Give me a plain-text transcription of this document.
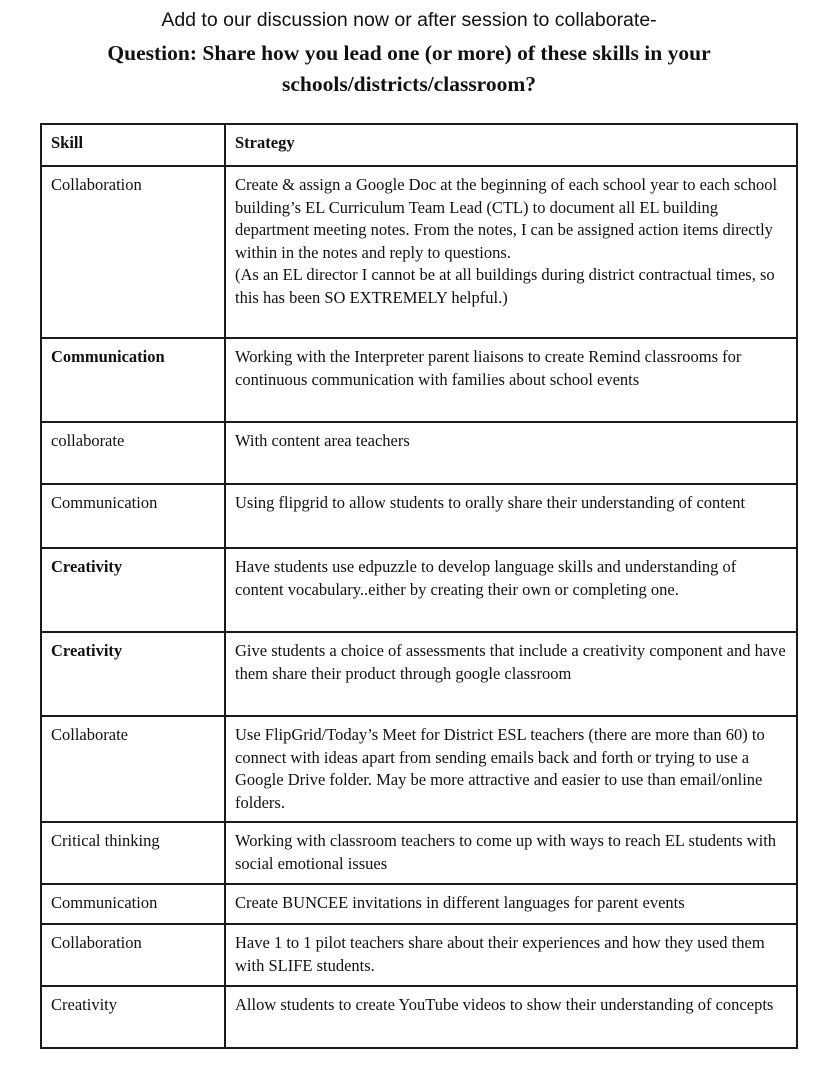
Add to our discussion now or after session to collaborate-
Question: Share how you lead one (or more) of these skills in your schools/districts/classroom?
Skill	Strategy
Collaboration	Create & assign a Google Doc at the beginning of each school year to each school building’s EL Curriculum Team Lead (CTL) to document all EL building department meeting notes. From the notes, I can be assigned action items directly within in the notes and reply to questions.
(As an EL director I cannot be at all buildings during district contractual times, so this has been SO EXTREMELY helpful.)
Communication	Working with the Interpreter parent liaisons to create Remind classrooms for continuous communication with families about school events
collaborate	With content area teachers
Communication	Using flipgrid to allow students to orally share their understanding of content
Creativity	Have students use edpuzzle to develop language skills and understanding of content vocabulary..either by creating their own or completing one.
Creativity	Give students a choice of assessments that include a creativity component and have them share their product through google classroom
Collaborate	Use FlipGrid/Today’s Meet for District ESL teachers (there are more than 60) to connect with ideas apart from sending emails back and forth or trying to use a Google Drive folder. May be more attractive and easier to use than email/online folders.
Critical thinking	Working with classroom teachers to come up with ways to reach EL students with social emotional issues
Communication	Create BUNCEE invitations in different languages for parent events
Collaboration	Have 1 to 1 pilot teachers share about their experiences and how they used them with SLIFE students.
Creativity	Allow students to create YouTube videos to show their understanding of concepts
